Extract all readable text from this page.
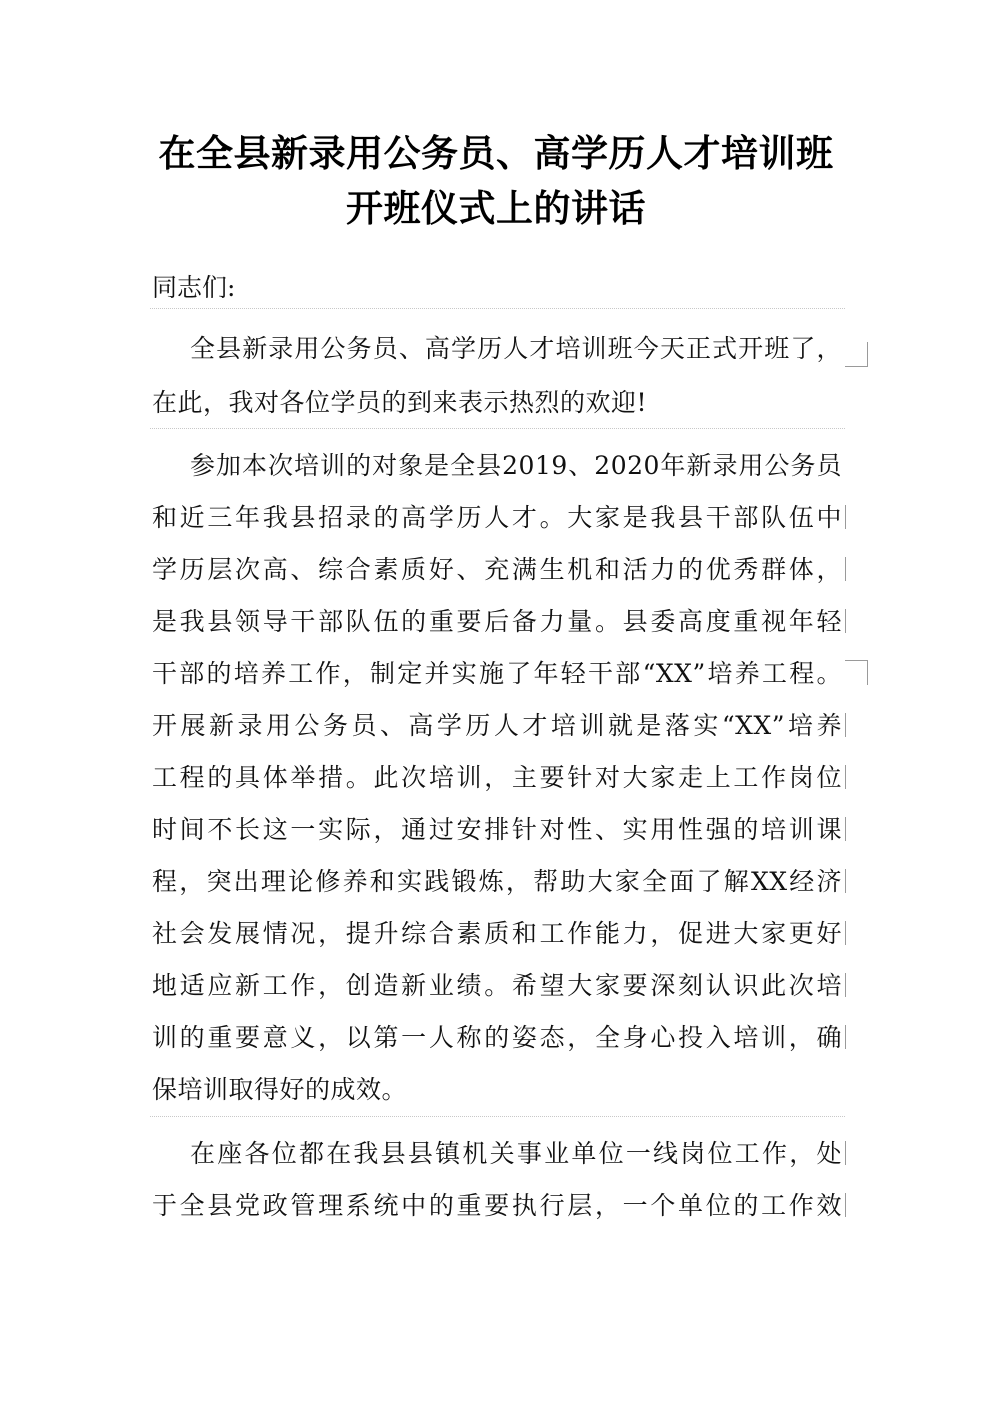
在全县新录用公务员、高学历人才培训班
开班仪式上的讲话
同志们:
全县新录用公务员、高学历人才培训班今天正式开班了，
在此，我对各位学员的到来表示热烈的欢迎!
参加本次培训的对象是全县2019、2020年新录用公务员
和近三年我县招录的高学历人才。大家是我县干部队伍中
学历层次高、综合素质好、充满生机和活力的优秀群体，
是我县领导干部队伍的重要后备力量。县委高度重视年轻
干部的培养工作，制定并实施了年轻干部“XX”培养工程。
开展新录用公务员、高学历人才培训就是落实“XX”培养
工程的具体举措。此次培训，主要针对大家走上工作岗位
时间不长这一实际，通过安排针对性、实用性强的培训课
程，突出理论修养和实践锻炼，帮助大家全面了解XX经济
社会发展情况，提升综合素质和工作能力，促进大家更好
地适应新工作，创造新业绩。希望大家要深刻认识此次培
训的重要意义，以第一人称的姿态，全身心投入培训，确
保培训取得好的成效。
在座各位都在我县县镇机关事业单位一线岗位工作，处
于全县党政管理系统中的重要执行层，一个单位的工作效
